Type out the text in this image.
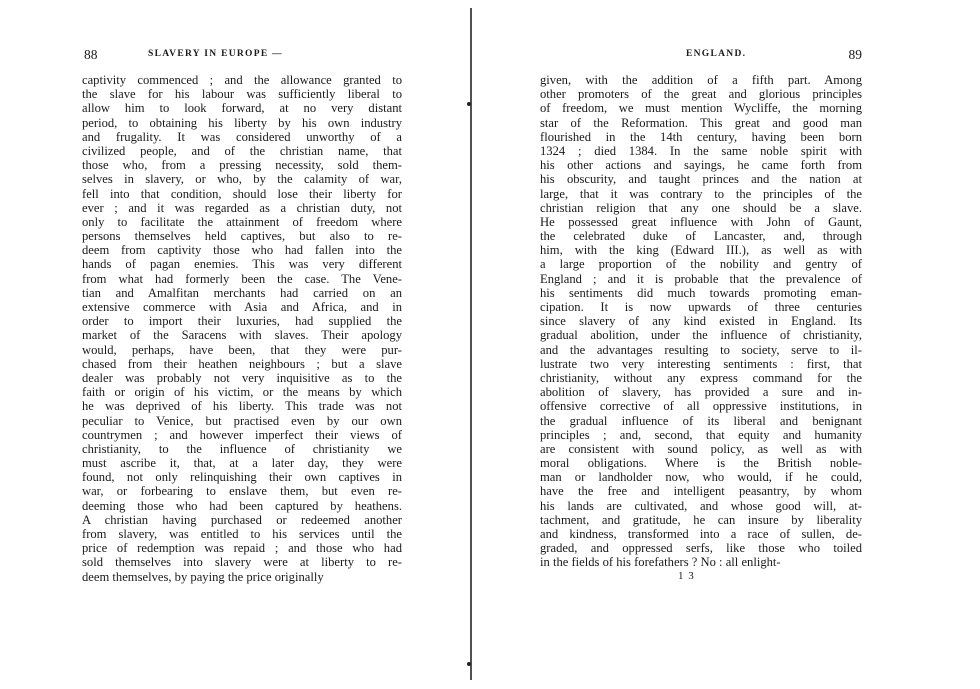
88	SLAVERY IN EUROPE —
captivity commenced ; and the allowance granted to
the slave for his labour was sufficiently liberal to
allow him to look forward, at no very distant
period, to obtaining his liberty by his own industry
and frugality. It was considered unworthy of a
civilized people, and of the christian name, that
those who, from a pressing necessity, sold them-
selves in slavery, or who, by the calamity of war,
fell into that condition, should lose their liberty for
ever ; and it was regarded as a christian duty, not
only to facilitate the attainment of freedom where
persons themselves held captives, but also to re-
deem from captivity those who had fallen into the
hands of pagan enemies. This was very different
from what had formerly been the case. The Vene-
tian and Amalfitan merchants had carried on an
extensive commerce with Asia and Africa, and in
order to import their luxuries, had supplied the
market of the Saracens with slaves. Their apology
would, perhaps, have been, that they were pur-
chased from their heathen neighbours ; but a slave
dealer was probably not very inquisitive as to the
faith or origin of his victim, or the means by which
he was deprived of his liberty. This trade was not
peculiar to Venice, but practised even by our own
countrymen ; and however imperfect their views of
christianity, to the influence of christianity we
must ascribe it, that, at a later day, they were
found, not only relinquishing their own captives in
war, or forbearing to enslave them, but even re-
deeming those who had been captured by heathens.
A christian having purchased or redeemed another
from slavery, was entitled to his services until the
price of redemption was repaid ; and those who had
sold themselves into slavery were at liberty to re-
deem themselves, by paying the price originally
ENGLAND.	89
given, with the addition of a fifth part. Among
other promoters of the great and glorious principles
of freedom, we must mention Wycliffe, the morning
star of the Reformation. This great and good man
flourished in the 14th century, having been born
1324 ; died 1384. In the same noble spirit with
his other actions and sayings, he came forth from
his obscurity, and taught princes and the nation at
large, that it was contrary to the principles of the
christian religion that any one should be a slave.
He possessed great influence with John of Gaunt,
the celebrated duke of Lancaster, and, through
him, with the king (Edward III.), as well as with
a large proportion of the nobility and gentry of
England ; and it is probable that the prevalence of
his sentiments did much towards promoting eman-
cipation. It is now upwards of three centuries
since slavery of any kind existed in England. Its
gradual abolition, under the influence of christianity,
and the advantages resulting to society, serve to il-
lustrate two very interesting sentiments : first, that
christianity, without any express command for the
abolition of slavery, has provided a sure and in-
offensive corrective of all oppressive institutions, in
the gradual influence of its liberal and benignant
principles ; and, second, that equity and humanity
are consistent with sound policy, as well as with
moral obligations. Where is the British noble-
man or landholder now, who would, if he could,
have the free and intelligent peasantry, by whom
his lands are cultivated, and whose good will, at-
tachment, and gratitude, he can insure by liberality
and kindness, transformed into a race of sullen, de-
graded, and oppressed serfs, like those who toiled
in the fields of his forefathers ? No : all enlight-
1 3
